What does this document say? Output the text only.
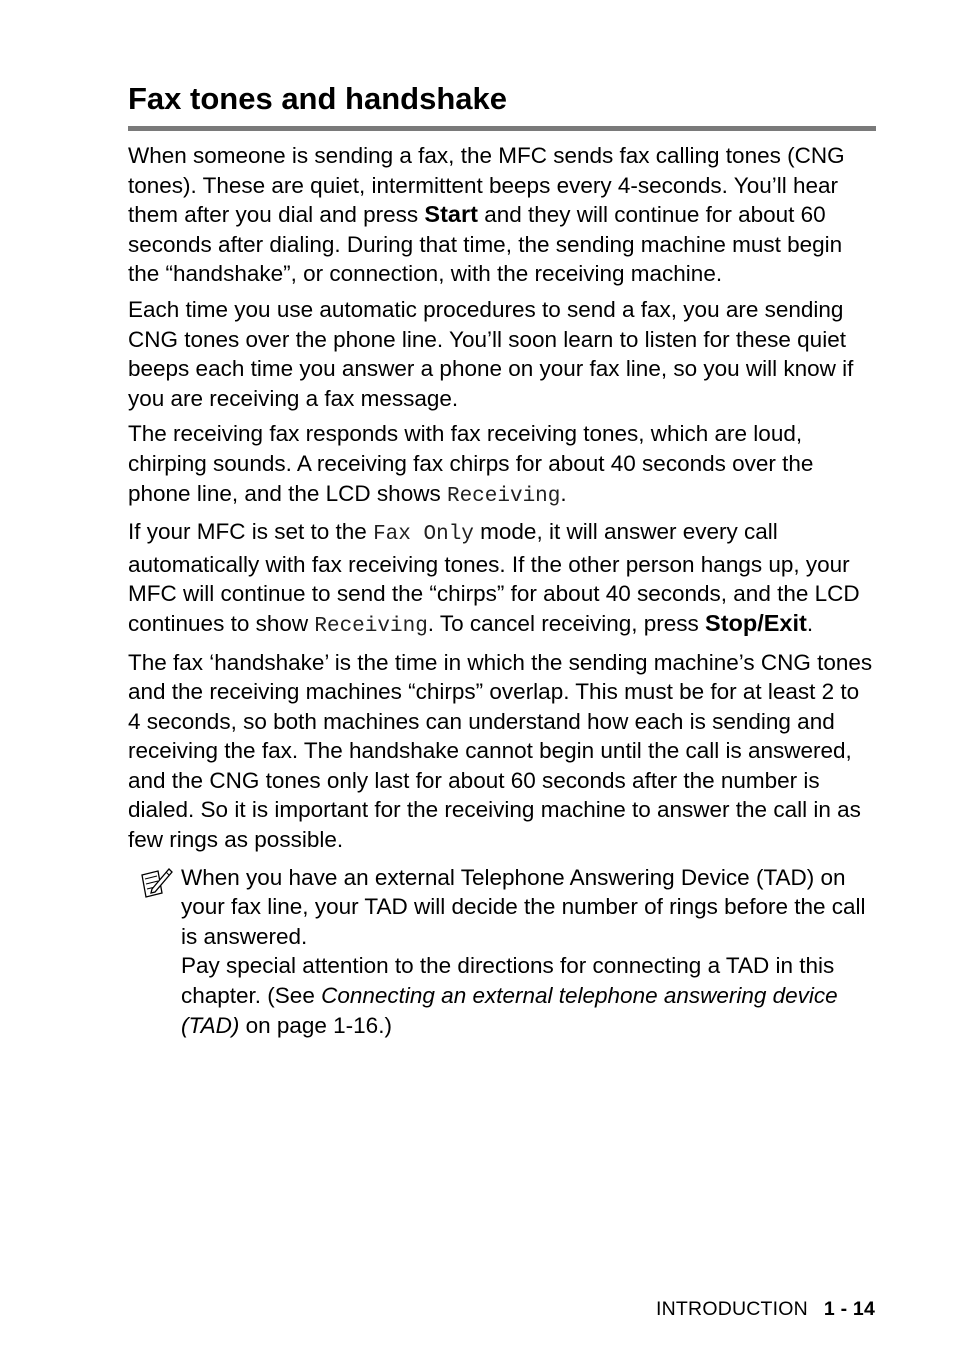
Fax tones and handshake

When someone is sending a fax, the MFC sends fax calling tones (CNG tones). These are quiet, intermittent beeps every 4-seconds. You’ll hear them after you dial and press Start and they will continue for about 60 seconds after dialing. During that time, the sending machine must begin the “handshake”, or connection, with the receiving machine.

Each time you use automatic procedures to send a fax, you are sending CNG tones over the phone line. You’ll soon learn to listen for these quiet beeps each time you answer a phone on your fax line, so you will know if you are receiving a fax message.

The receiving fax responds with fax receiving tones, which are loud, chirping sounds. A receiving fax chirps for about 40 seconds over the phone line, and the LCD shows Receiving.

If your MFC is set to the Fax Only mode, it will answer every call automatically with fax receiving tones. If the other person hangs up, your MFC will continue to send the “chirps” for about 40 seconds, and the LCD continues to show Receiving. To cancel receiving, press Stop/Exit.

The fax ‘handshake’ is the time in which the sending machine’s CNG tones and the receiving machines “chirps” overlap. This must be for at least 2 to 4 seconds, so both machines can understand how each is sending and receiving the fax. The handshake cannot begin until the call is answered, and the CNG tones only last for about 60 seconds after the number is dialed. So it is important for the receiving machine to answer the call in as few rings as possible.

When you have an external Telephone Answering Device (TAD) on your fax line, your TAD will decide the number of rings before the call is answered.

Pay special attention to the directions for connecting a TAD in this chapter. (See Connecting an external telephone answering device (TAD) on page 1-16.)

INTRODUCTION 1 - 14
